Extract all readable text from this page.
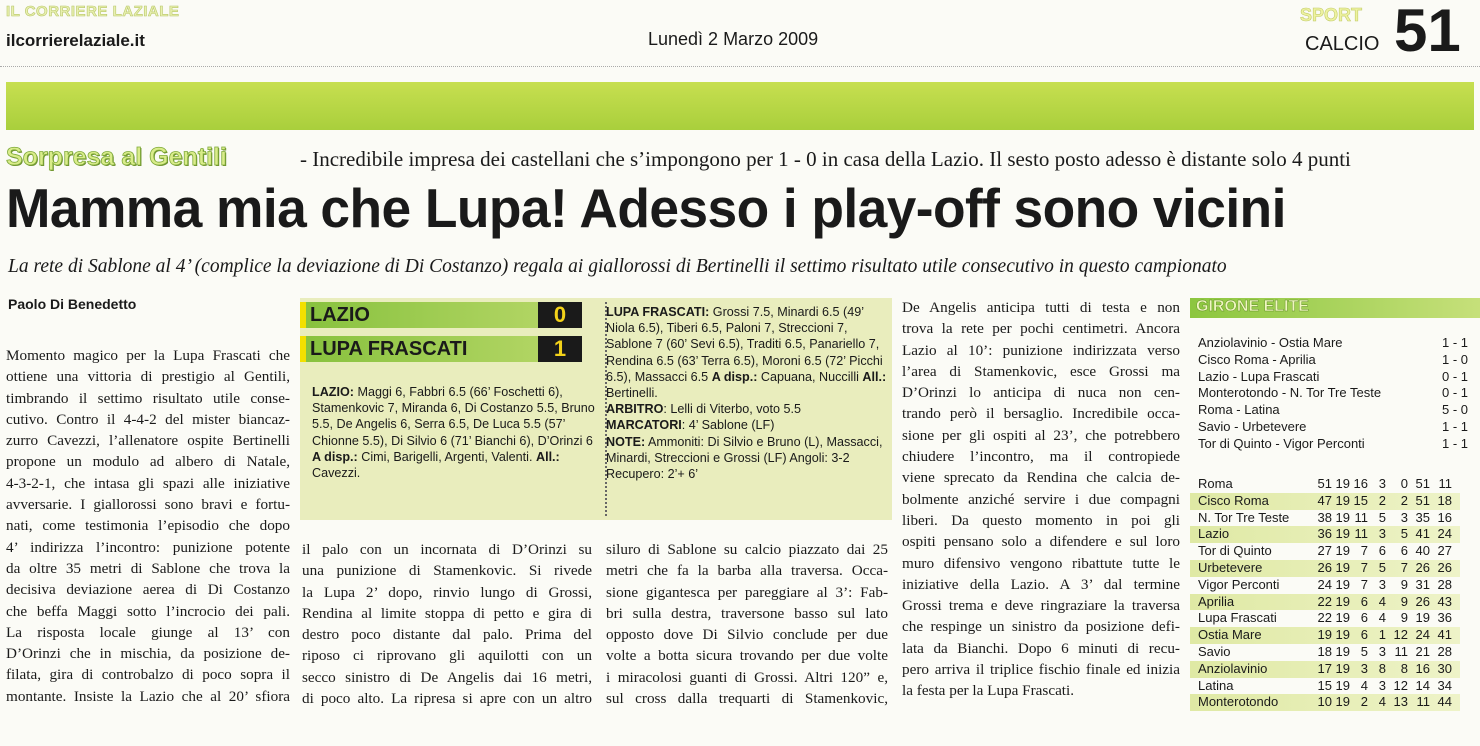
IL CORRIERE LAZIALE
ilcorrierelaziale.it	Lunedì 2 Marzo 2009
SPORT
CALCIO 51
Sorpresa al Gentili	- Incredibile impresa dei castellani che s’impongono per 1 - 0 in casa della Lazio. Il sesto posto adesso è distante solo 4 punti
Mamma mia che Lupa! Adesso i play-off sono vicini
La rete di Sablone al 4’ (complice la deviazione di Di Costanzo) regala ai giallorossi di Bertinelli il settimo risultato utile consecutivo in questo campionato
Paolo Di Benedetto
Momento magico per la Lupa Frascati che
ottiene una vittoria di prestigio al Gentili,
timbrando il settimo risultato utile conse-
cutivo. Contro il 4-4-2 del mister biancaz-
zurro Cavezzi, l’allenatore ospite Bertinelli
propone un modulo ad albero di Natale,
4-3-2-1, che intasa gli spazi alle iniziative
avversarie. I giallorossi sono bravi e fortu-
nati, come testimonia l’episodio che dopo
4’ indirizza l’incontro: punizione potente
da oltre 35 metri di Sablone che trova la
decisiva deviazione aerea di Di Costanzo
che beffa Maggi sotto l’incrocio dei pali.
La risposta locale giunge al 13’ con
D’Orinzi che in mischia, da posizione de-
filata, gira di controbalzo di poco sopra il
montante. Insiste la Lazio che al 20’ sfiora
il palo con un incornata di D’Orinzi su
una punizione di Stamenkovic. Si rivede
la Lupa 2’ dopo, rinvio lungo di Grossi,
Rendina al limite stoppa di petto e gira di
destro poco distante dal palo. Prima del
riposo ci riprovano gli aquilotti con un
secco sinistro di De Angelis dai 16 metri,
di poco alto. La ripresa si apre con un altro
siluro di Sablone su calcio piazzato dai 25
metri che fa la barba alla traversa. Occa-
sione gigantesca per pareggiare al 3’: Fab-
bri sulla destra, traversone basso sul lato
opposto dove Di Silvio conclude per due
volte a botta sicura trovando per due volte
i miracolosi guanti di Grossi. Altri 120” e,
sul cross dalla trequarti di Stamenkovic,
De Angelis anticipa tutti di testa e non
trova la rete per pochi centimetri. Ancora
Lazio al 10’: punizione indirizzata verso
l’area di Stamenkovic, esce Grossi ma
D’Orinzi lo anticipa di nuca non cen-
trando però il bersaglio. Incredibile occa-
sione per gli ospiti al 23’, che potrebbero
chiudere l’incontro, ma il contropiede
viene sprecato da Rendina che calcia de-
bolmente anziché servire i due compagni
liberi. Da questo momento in poi gli
ospiti pensano solo a difendere e sul loro
muro difensivo vengono ribattute tutte le
iniziative della Lazio. A 3’ dal termine
Grossi trema e deve ringraziare la traversa
che respinge un sinistro da posizione defi-
lata da Bianchi. Dopo 6 minuti di recu-
pero arriva il triplice fischio finale ed inizia
la festa per la Lupa Frascati.
LAZIO	0
LUPA FRASCATI	1
LAZIO: Maggi 6, Fabbri 6.5 (66’ Foschetti 6), Stamenkovic 7, Miranda 6, Di Costanzo 5.5, Bruno 5.5, De Angelis 6, Serra 6.5, De Luca 5.5 (57’ Chionne 5.5), Di Silvio 6 (71’ Bianchi 6), D’Orinzi 6 A disp.: Cimi, Barigelli, Argenti, Valenti. All.: Cavezzi.
LUPA FRASCATI: Grossi 7.5, Minardi 6.5 (49’ Niola 6.5), Tiberi 6.5, Paloni 7, Streccioni 7, Sablone 7 (60’ Sevi 6.5), Traditi 6.5, Panariello 7, Rendina 6.5 (63’ Terra 6.5), Moroni 6.5 (72’ Picchi 6.5), Massacci 6.5 A disp.: Capuana, Nuccilli All.: Bertinelli.
ARBITRO: Lelli di Viterbo, voto 5.5
MARCATORI: 4’ Sablone (LF)
NOTE: Ammoniti: Di Silvio e Bruno (L), Massacci, Minardi, Streccioni e Grossi (LF) Angoli: 3-2 Recupero: 2’+ 6’
GIRONE ELITE
Anziolavinio - Ostia Mare	1 - 1
Cisco Roma - Aprilia	1 - 0
Lazio - Lupa Frascati	0 - 1
Monterotondo - N. Tor Tre Teste	0 - 1
Roma - Latina	5 - 0
Savio - Urbetevere	1 - 1
Tor di Quinto - Vigor Perconti	1 - 1
Roma	51 19 16 3	0 51 11
Cisco Roma	47 19 15 2	2 51 18
N. Tor Tre Teste	38 19 11 5	3 35 16
Lazio	36 19 11 3	5 41 24
Tor di Quinto	27 19 7 6	6 40 27
Urbetevere	26 19 7 5	7 26 26
Vigor Perconti	24 19 7 3	9 31 28
Aprilia	22 19 6 4	9 26 43
Lupa Frascati	22 19 6 4	9 19 36
Ostia Mare	19 19 6 1 12 24 41
Savio	18 19 5 3 11 21 28
Anziolavinio	17 19 3 8	8 16 30
Latina	15 19 4 3 12 14 34
Monterotondo	10 19 2 4 13 11 44
